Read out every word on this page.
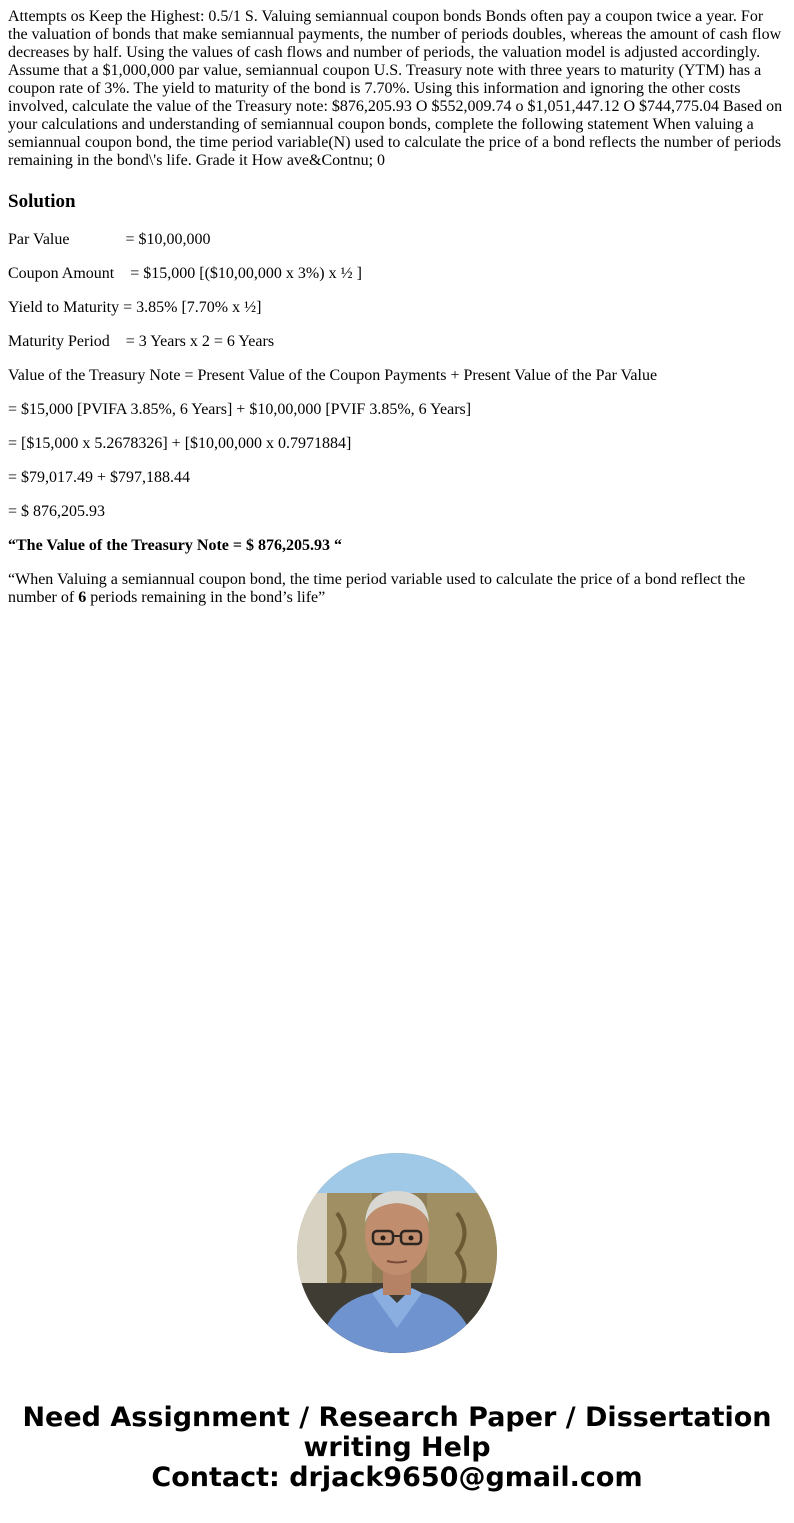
Attempts os Keep the Highest: 0.5/1 S. Valuing semiannual coupon bonds Bonds often pay a coupon twice a year. For the valuation of bonds that make semiannual payments, the number of periods doubles, whereas the amount of cash flow decreases by half. Using the values of cash flows and number of periods, the valuation model is adjusted accordingly. Assume that a $1,000,000 par value, semiannual coupon U.S. Treasury note with three years to maturity (YTM) has a coupon rate of 3%. The yield to maturity of the bond is 7.70%. Using this information and ignoring the other costs involved, calculate the value of the Treasury note: $876,205.93 O $552,009.74 o $1,051,447.12 O $744,775.04 Based on your calculations and understanding of semiannual coupon bonds, complete the following statement When valuing a semiannual coupon bond, the time period variable(N) used to calculate the price of a bond reflects the number of periods remaining in the bond\'s life. Grade it How ave&Contnu; 0

Solution

Par Value              = $10,00,000

Coupon Amount    = $15,000 [($10,00,000 x 3%) x ½ ]

Yield to Maturity = 3.85% [7.70% x ½]

Maturity Period    = 3 Years x 2 = 6 Years

Value of the Treasury Note = Present Value of the Coupon Payments + Present Value of the Par Value

= $15,000 [PVIFA 3.85%, 6 Years] + $10,00,000 [PVIF 3.85%, 6 Years]

= [$15,000 x 5.2678326] + [$10,00,000 x 0.7971884]

= $79,017.49 + $797,188.44

= $ 876,205.93

“The Value of the Treasury Note = $ 876,205.93 “

“When Valuing a semiannual coupon bond, the time period variable used to calculate the price of a bond reflect the number of 6 periods remaining in the bond’s life”

Need Assignment / Research Paper / Dissertation
writing Help
Contact: drjack9650@gmail.com
